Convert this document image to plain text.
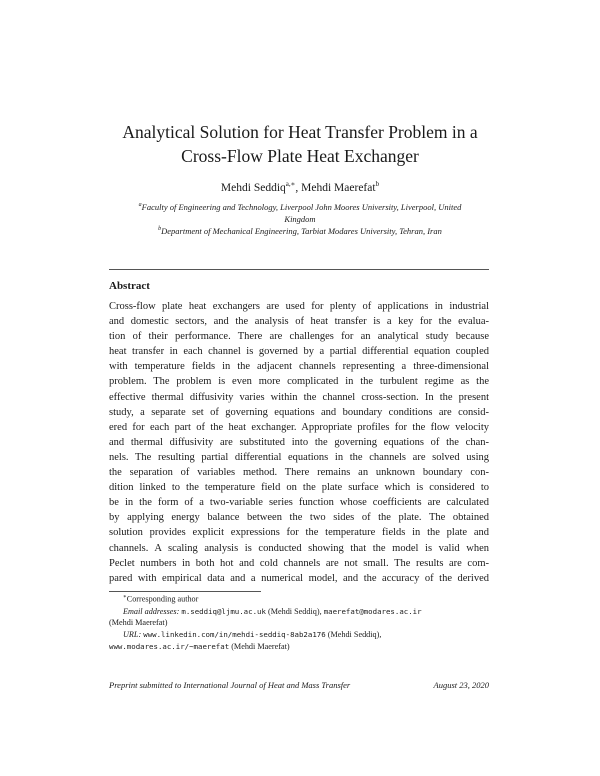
Analytical Solution for Heat Transfer Problem in a
Cross-Flow Plate Heat Exchanger
Mehdi Seddiq$^{a,∗}$, Mehdi Maerefat$^b$
$^a$Faculty of Engineering and Technology, Liverpool John Moores University, Liverpool, United
Kingdom
$^b$Department of Mechanical Engineering, Tarbiat Modares University, Tehran, Iran
Abstract
Cross-flow plate heat exchangers are used for plenty of applications in industrial
and domestic sectors, and the analysis of heat transfer is a key for the evalua-
tion of their performance. There are challenges for an analytical study because
heat transfer in each channel is governed by a partial differential equation coupled
with temperature fields in the adjacent channels representing a three-dimensional
problem. The problem is even more complicated in the turbulent regime as the
effective thermal diffusivity varies within the channel cross-section. In the present
study, a separate set of governing equations and boundary conditions are consid-
ered for each part of the heat exchanger. Appropriate profiles for the flow velocity
and thermal diffusivity are substituted into the governing equations of the chan-
nels. The resulting partial differential equations in the channels are solved using
the separation of variables method. There remains an unknown boundary con-
dition linked to the temperature field on the plate surface which is considered to
be in the form of a two-variable series function whose coefficients are calculated
by applying energy balance between the two sides of the plate. The obtained
solution provides explicit expressions for the temperature fields in the plate and
channels. A scaling analysis is conducted showing that the model is valid when
Peclet numbers in both hot and cold channels are not small. The results are com-
pared with empirical data and a numerical model, and the accuracy of the derived
∗Corresponding author
Email addresses: m.seddiq@ljmu.ac.uk (Mehdi Seddiq), maerefat@modares.ac.ir
(Mehdi Maerefat)
URL: www.linkedin.com/in/mehdi-seddiq-8ab2a176 (Mehdi Seddiq),
www.modares.ac.ir/~maerefat (Mehdi Maerefat)
Preprint submitted to International Journal of Heat and Mass Transfer	August 23, 2020
